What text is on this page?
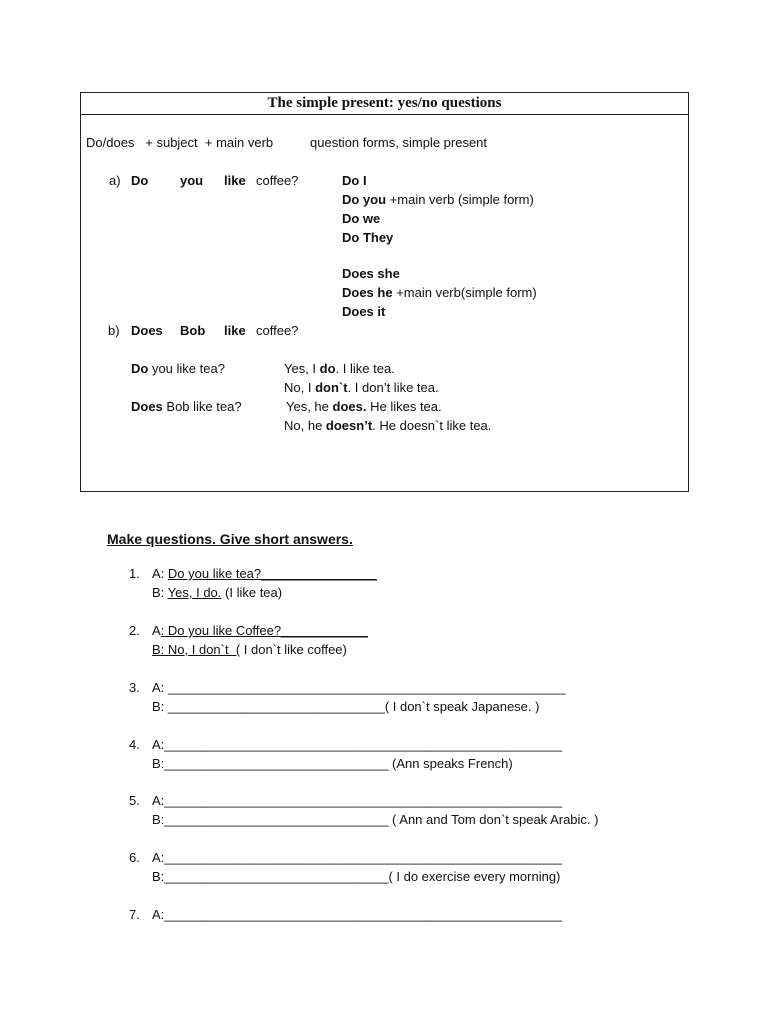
The simple present: yes/no questions
Do/does   + subject  + main verb	question forms, simple present
a) Do you like coffee?	Do I
Do you +main verb (simple form)
Do we
Do They
Does she
Does he +main verb(simple form)
Does it
b) Does Bob like coffee?
Do you like tea?	Yes, I do. I like tea.
No, I don`t. I don’t like tea.
Does Bob like tea?	Yes, he does. He likes tea.
No, he doesn’t. He doesn`t like tea.
Make questions. Give short answers.
1. A: Do you like tea?________________
B: Yes, I do. (I like tea)
2. A: Do you like Coffee?____________
B: No, I don`t  ( I don`t like coffee)
3. A: _______________________________________________________
B: ______________________________( I don`t speak Japanese. )
4. A:_______________________________________________________
B:_______________________________ (Ann speaks French)
5. A:_______________________________________________________
B:_______________________________ ( Ann and Tom don`t speak Arabic. )
6. A:_______________________________________________________
B:_______________________________( I do exercise every morning)
7. A:_______________________________________________________
